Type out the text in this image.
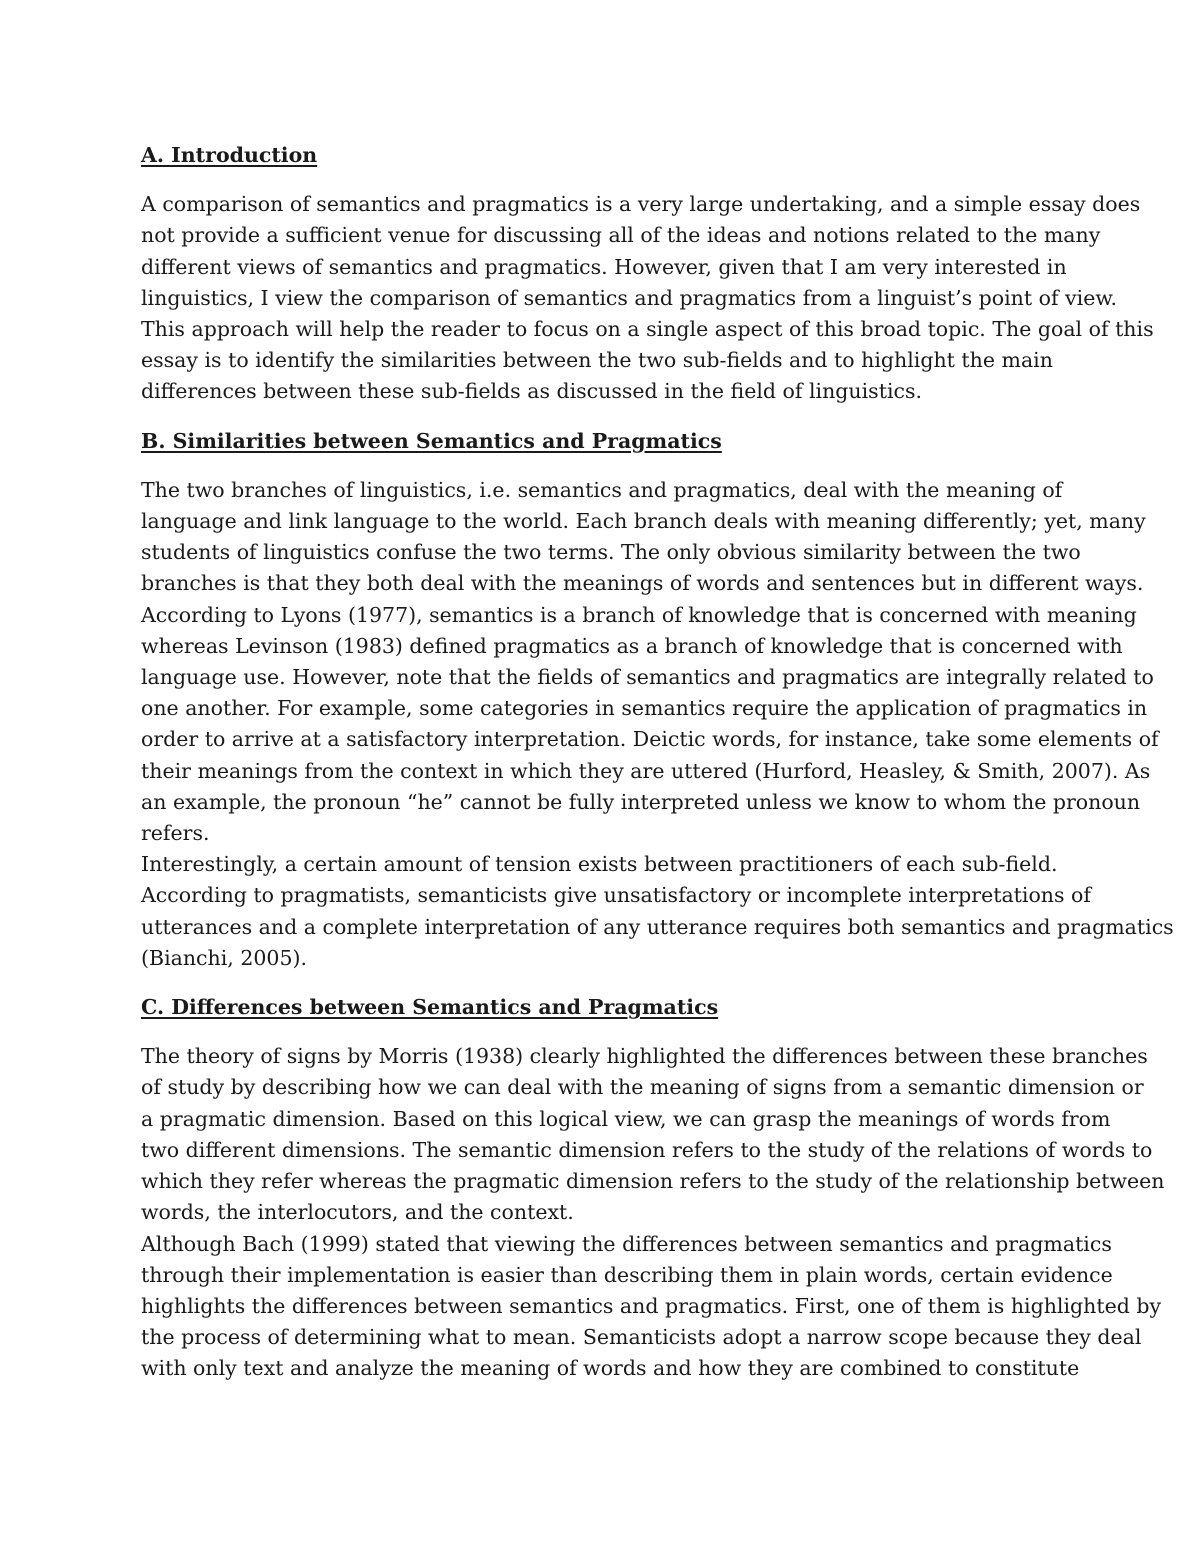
A. Introduction

A comparison of semantics and pragmatics is a very large undertaking, and a simple essay does
not provide a sufficient venue for discussing all of the ideas and notions related to the many
different views of semantics and pragmatics. However, given that I am very interested in
linguistics, I view the comparison of semantics and pragmatics from a linguist’s point of view.
This approach will help the reader to focus on a single aspect of this broad topic. The goal of this
essay is to identify the similarities between the two sub-fields and to highlight the main
differences between these sub-fields as discussed in the field of linguistics.

B. Similarities between Semantics and Pragmatics

The two branches of linguistics, i.e. semantics and pragmatics, deal with the meaning of
language and link language to the world. Each branch deals with meaning differently; yet, many
students of linguistics confuse the two terms. The only obvious similarity between the two
branches is that they both deal with the meanings of words and sentences but in different ways.
According to Lyons (1977), semantics is a branch of knowledge that is concerned with meaning
whereas Levinson (1983) defined pragmatics as a branch of knowledge that is concerned with
language use. However, note that the fields of semantics and pragmatics are integrally related to
one another. For example, some categories in semantics require the application of pragmatics in
order to arrive at a satisfactory interpretation. Deictic words, for instance, take some elements of
their meanings from the context in which they are uttered (Hurford, Heasley, & Smith, 2007). As
an example, the pronoun “he” cannot be fully interpreted unless we know to whom the pronoun
refers.

Interestingly, a certain amount of tension exists between practitioners of each sub-field.
According to pragmatists, semanticists give unsatisfactory or incomplete interpretations of
utterances and a complete interpretation of any utterance requires both semantics and pragmatics
(Bianchi, 2005).

C. Differences between Semantics and Pragmatics

The theory of signs by Morris (1938) clearly highlighted the differences between these branches
of study by describing how we can deal with the meaning of signs from a semantic dimension or
a pragmatic dimension. Based on this logical view, we can grasp the meanings of words from
two different dimensions. The semantic dimension refers to the study of the relations of words to
which they refer whereas the pragmatic dimension refers to the study of the relationship between
words, the interlocutors, and the context.

Although Bach (1999) stated that viewing the differences between semantics and pragmatics
through their implementation is easier than describing them in plain words, certain evidence
highlights the differences between semantics and pragmatics. First, one of them is highlighted by
the process of determining what to mean. Semanticists adopt a narrow scope because they deal
with only text and analyze the meaning of words and how they are combined to constitute
